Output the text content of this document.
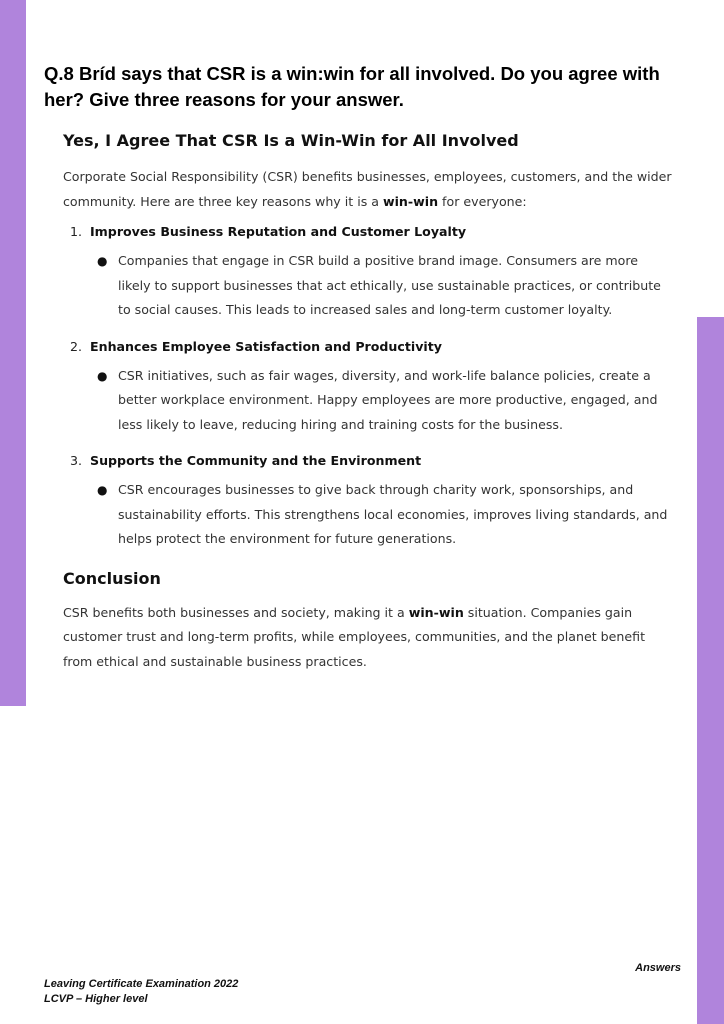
Q.8 Bríd says that CSR is a win:win for all involved. Do you agree with her? Give three reasons for your answer.

Yes, I Agree That CSR Is a Win-Win for All Involved

Corporate Social Responsibility (CSR) benefits businesses, employees, customers, and the wider community. Here are three key reasons why it is a win-win for everyone:

1. Improves Business Reputation and Customer Loyalty
● Companies that engage in CSR build a positive brand image. Consumers are more likely to support businesses that act ethically, use sustainable practices, or contribute to social causes. This leads to increased sales and long-term customer loyalty.
2. Enhances Employee Satisfaction and Productivity
● CSR initiatives, such as fair wages, diversity, and work-life balance policies, create a better workplace environment. Happy employees are more productive, engaged, and less likely to leave, reducing hiring and training costs for the business.
3. Supports the Community and the Environment
● CSR encourages businesses to give back through charity work, sponsorships, and sustainability efforts. This strengthens local economies, improves living standards, and helps protect the environment for future generations.
Conclusion

CSR benefits both businesses and society, making it a win-win situation. Companies gain customer trust and long-term profits, while employees, communities, and the planet benefit from ethical and sustainable business practices.

Answers
Leaving Certificate Examination 2022
LCVP – Higher level
